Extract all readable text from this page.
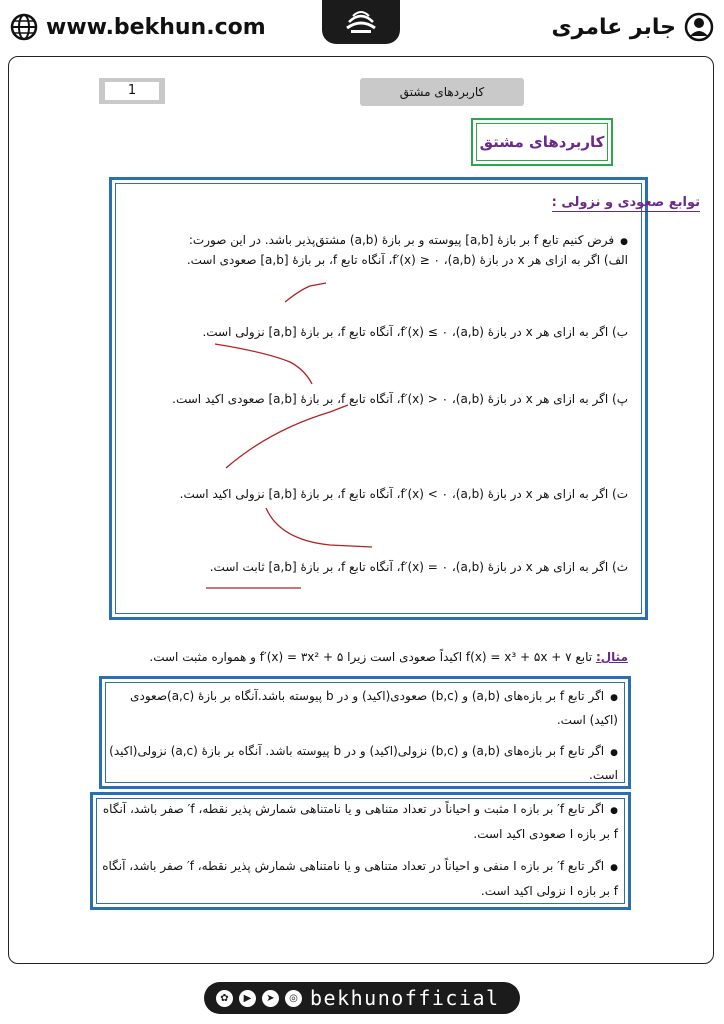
www.bekhun.com	جابر عامری
1	کاربردهای مشتق
کاربردهای مشتق
توابع صعودی و نزولی :
● فرض کنیم تابع f بر بازهٔ [a,b] پیوسته و بر بازهٔ (a,b) مشتق‌پذیر باشد. در این صورت:
الف) اگر به ازای هر x در بازهٔ (a,b)، f′(x) ≥ ۰، آنگاه تابع f، بر بازهٔ [a,b] صعودی است.
ب) اگر به ازای هر x در بازهٔ (a,b)، f′(x) ≤ ۰، آنگاه تابع f، بر بازهٔ [a,b] نزولی است.
پ) اگر به ازای هر x در بازهٔ (a,b)، f′(x) > ۰، آنگاه تابع f، بر بازهٔ [a,b] صعودی اکید است.
ت) اگر به ازای هر x در بازهٔ (a,b)، f′(x) < ۰، آنگاه تابع f، بر بازهٔ [a,b] نزولی اکید است.
ث) اگر به ازای هر x در بازهٔ (a,b)، f′(x) = ۰، آنگاه تابع f، بر بازهٔ [a,b] ثابت است.
مثال: تابع f(x) = x³ + ۵x + ۷ اکیداً صعودی است زیرا f′(x) = ۳x² + ۵ و همواره مثبت است.
● اگر تابع f بر بازه‌های (a,b) و (b,c) صعودی(اکید) و در b پیوسته باشد.آنگاه بر بازهٔ (a,c)صعودی
(اکید) است.
● اگر تابع f بر بازه‌های (a,b) و (b,c) نزولی(اکید) و در b پیوسته باشد. آنگاه بر بازهٔ (a,c) نزولی(اکید)
است.
● اگر تابع f′ بر بازه I مثبت و احیاناً در تعداد متناهی و یا نامتناهی شمارش پذیر نقطه، f′ صفر باشد، آنگاه
f بر بازه I صعودی اکید است.
● اگر تابع f′ بر بازه I منفی و احیاناً در تعداد متناهی و یا نامتناهی شمارش پذیر نقطه، f′ صفر باشد، آنگاه
f بر بازه I نزولی اکید است.
✿	▶	➤	◎ bekhunofficial
